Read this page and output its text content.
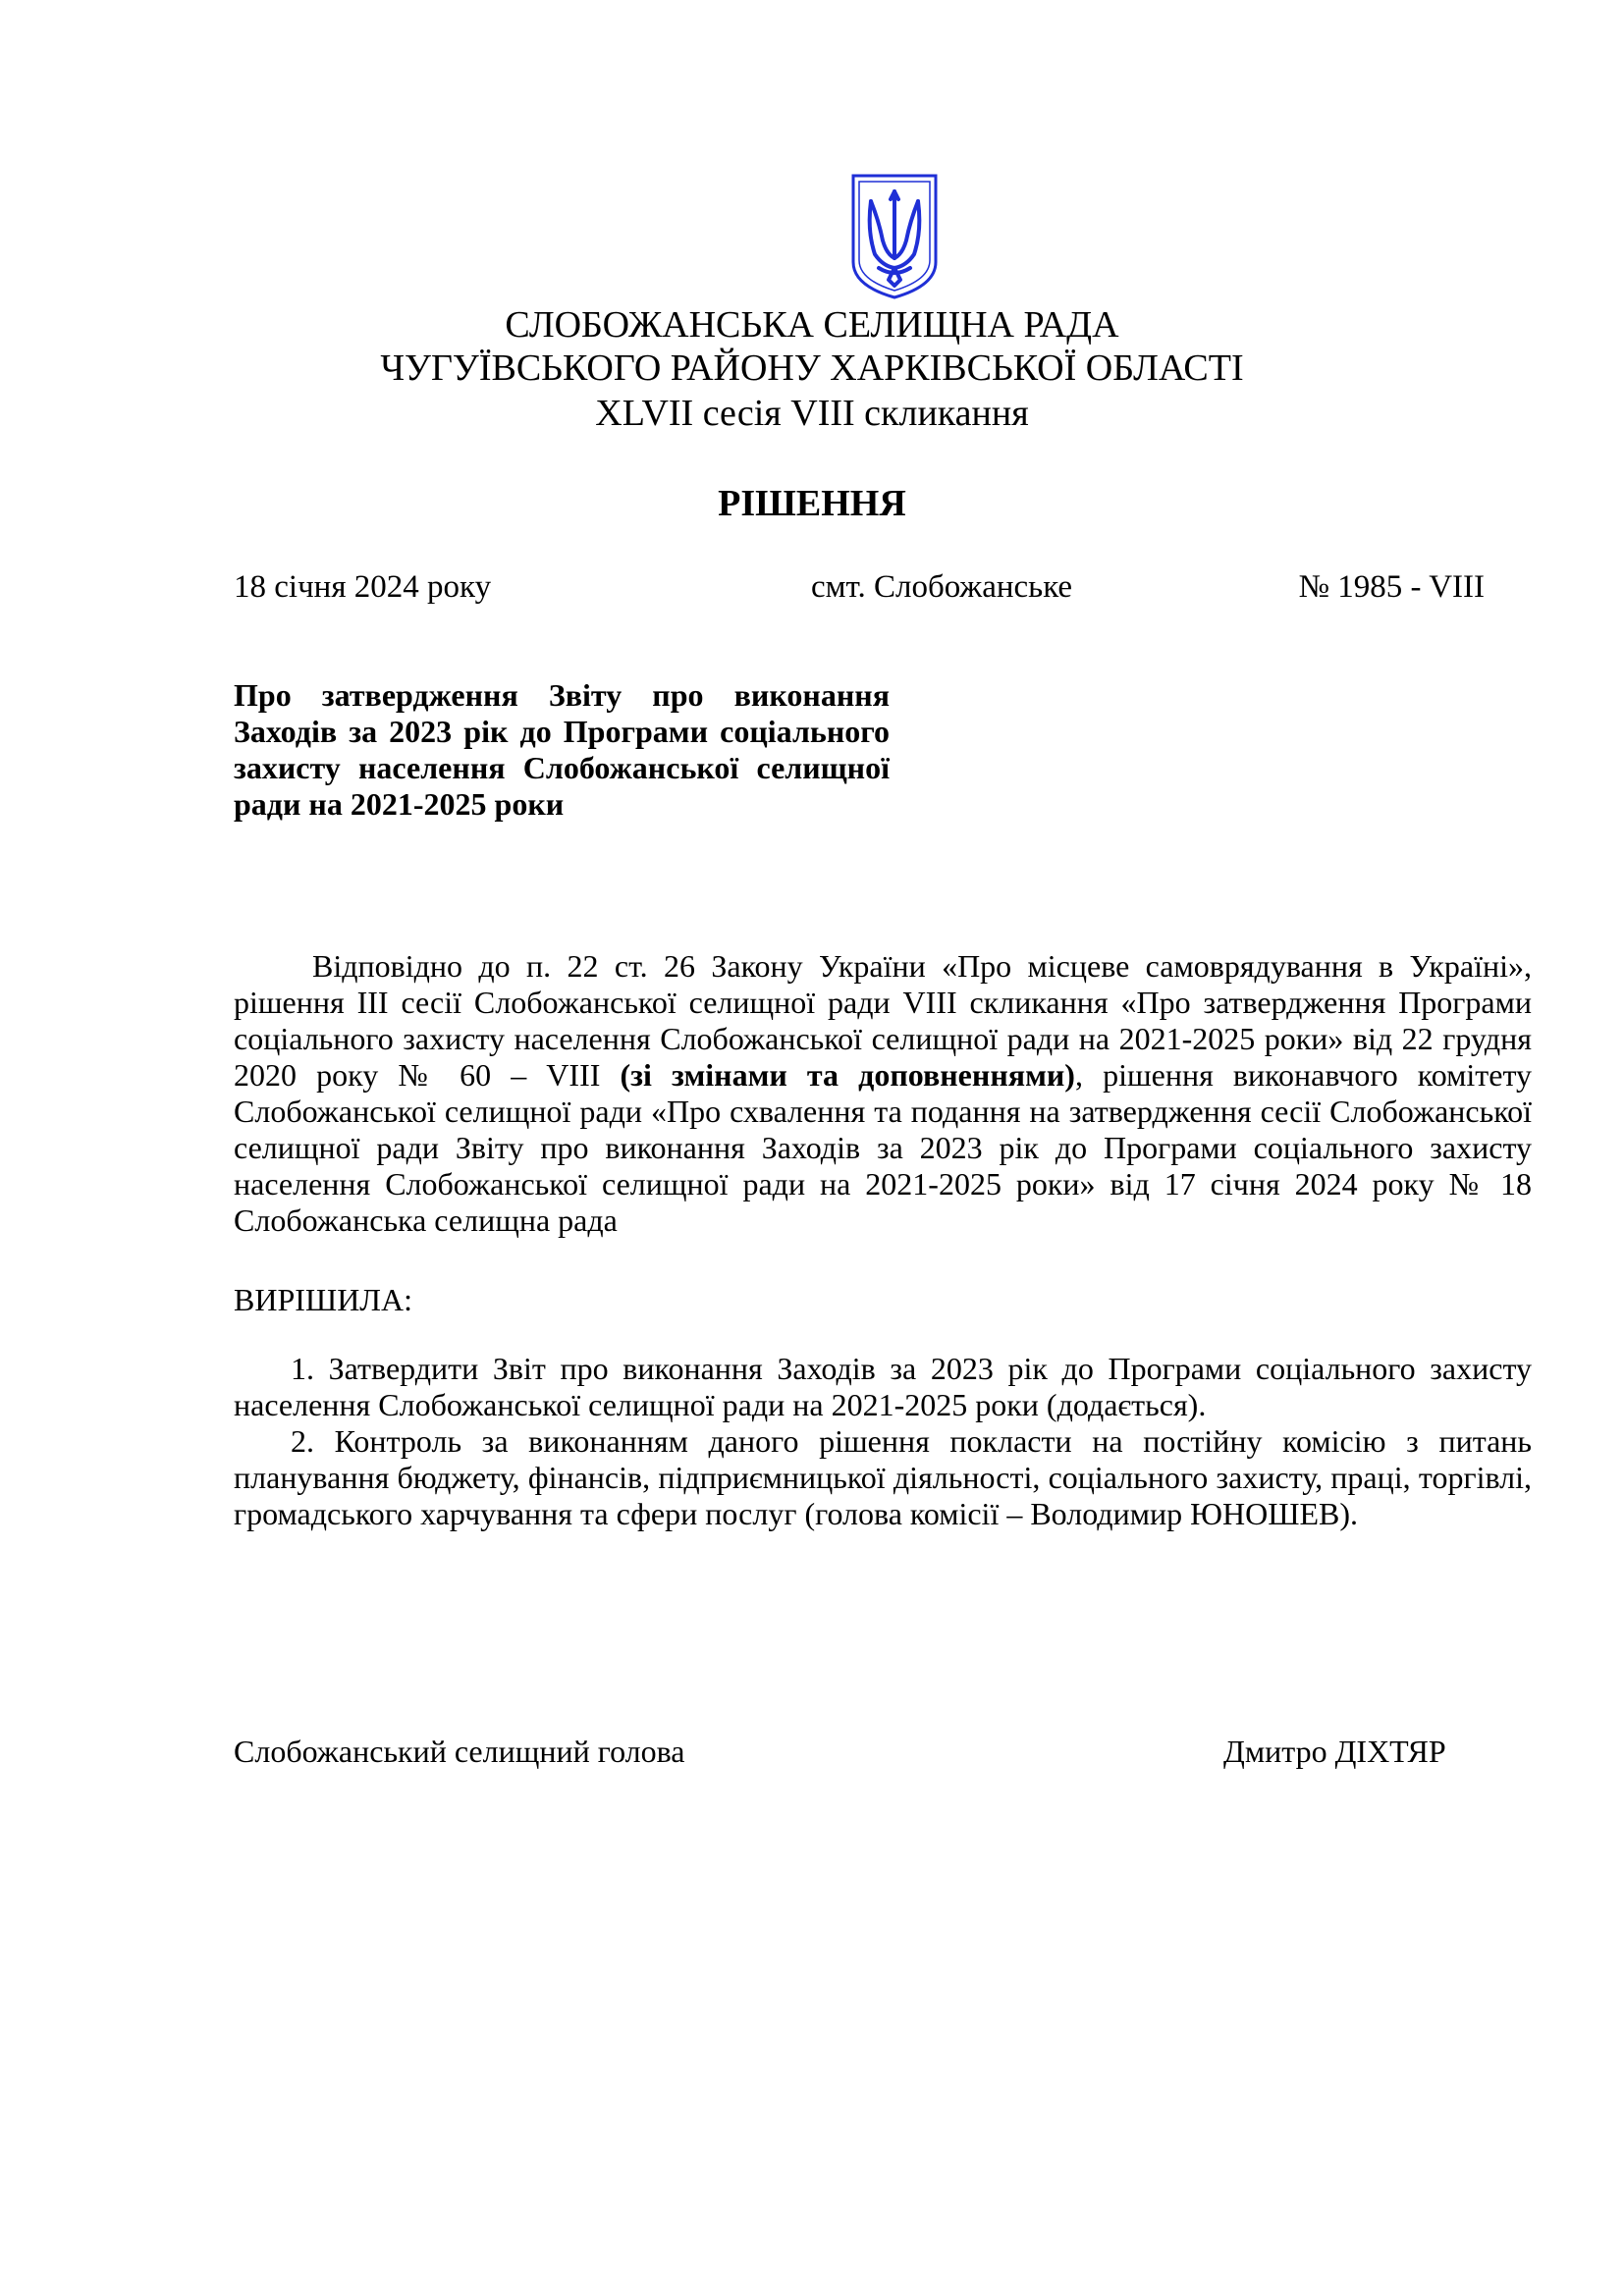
СЛОБОЖАНСЬКА СЕЛИЩНА РАДА
ЧУГУЇВСЬКОГО РАЙОНУ ХАРКІВСЬКОЇ ОБЛАСТІ
XLVII сесія VIII скликання
РІШЕННЯ
18 січня 2024 року	смт. Слобожанське	№ 1985 - VIII

Про затвердження Звіту про виконання Заходів за 2023 рік до Програми соціального захисту населення Слобожанської селищної ради на 2021-2025 роки

Відповідно до п. 22 ст. 26 Закону України «Про місцеве самоврядування в Україні», рішення III сесії Слобожанської селищної ради VIII скликання «Про затвердження Програми соціального захисту населення Слобожанської селищної ради на 2021-2025 роки» від 22 грудня 2020 року № 60 – VIII (зі змінами та доповненнями), рішення виконавчого комітету Слобожанської селищної ради «Про схвалення та подання на затвердження сесії Слобожанської селищної ради Звіту про виконання Заходів за 2023 рік до Програми соціального захисту населення Слобожанської селищної ради на 2021-2025 роки» від 17 січня 2024 року № 18 Слобожанська селищна рада

ВИРІШИЛА:

1. Затвердити Звіт про виконання Заходів за 2023 рік до Програми соціального захисту населення Слобожанської селищної ради на 2021-2025 роки (додається).

2. Контроль за виконанням даного рішення покласти на постійну комісію з питань планування бюджету, фінансів, підприємницької діяльності, соціального захисту, праці, торгівлі, громадського харчування та сфери послуг (голова комісії – Володимир ЮНОШЕВ).

Слобожанський селищний голова	Дмитро ДІХТЯР
